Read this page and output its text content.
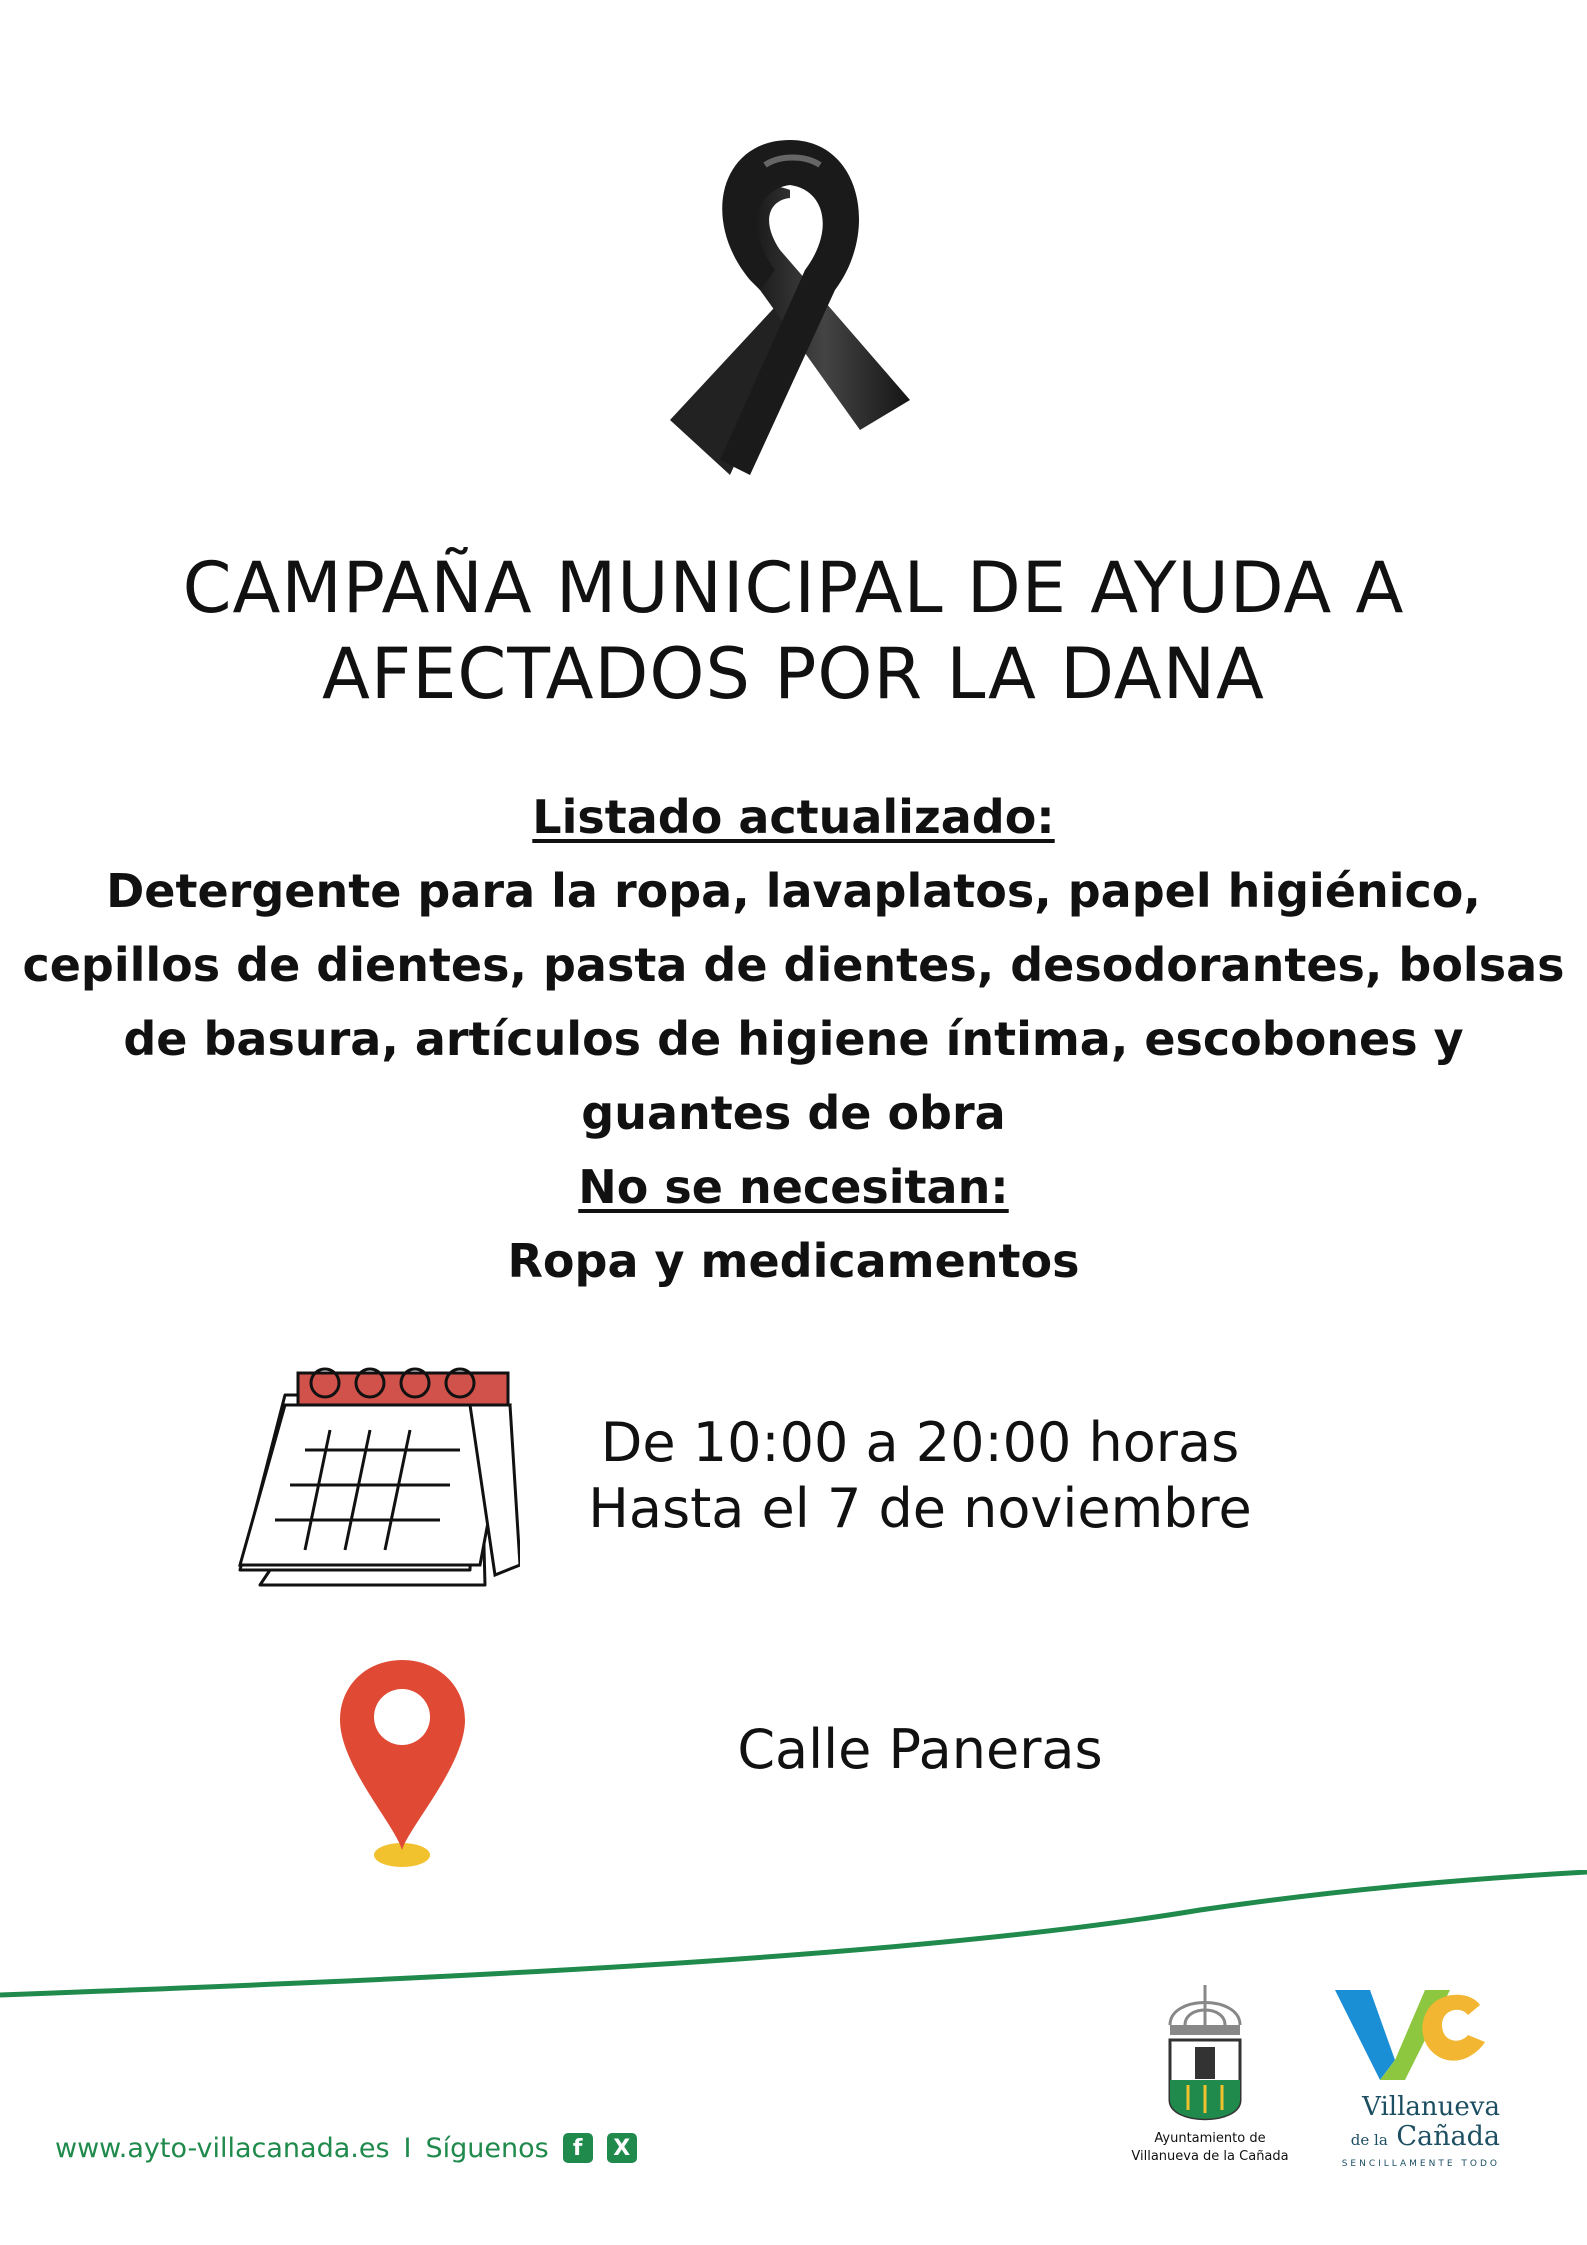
CAMPAÑA MUNICIPAL DE AYUDA A
AFECTADOS POR LA DANA
Listado actualizado:
Detergente para la ropa, lavaplatos, papel higiénico,
cepillos de dientes, pasta de dientes, desodorantes, bolsas
de basura, artículos de higiene íntima, escobones y
guantes de obra
No se necesitan:
Ropa y medicamentos
De 10:00 a 20:00 horas
Hasta el 7 de noviembre
Calle Paneras
www.ayto-villacanada.es I Síguenos	f	X	Ayuntamiento de
Villanueva de la Cañada
Villanueva
de la Cañada
SENCILLAMENTE TODO
